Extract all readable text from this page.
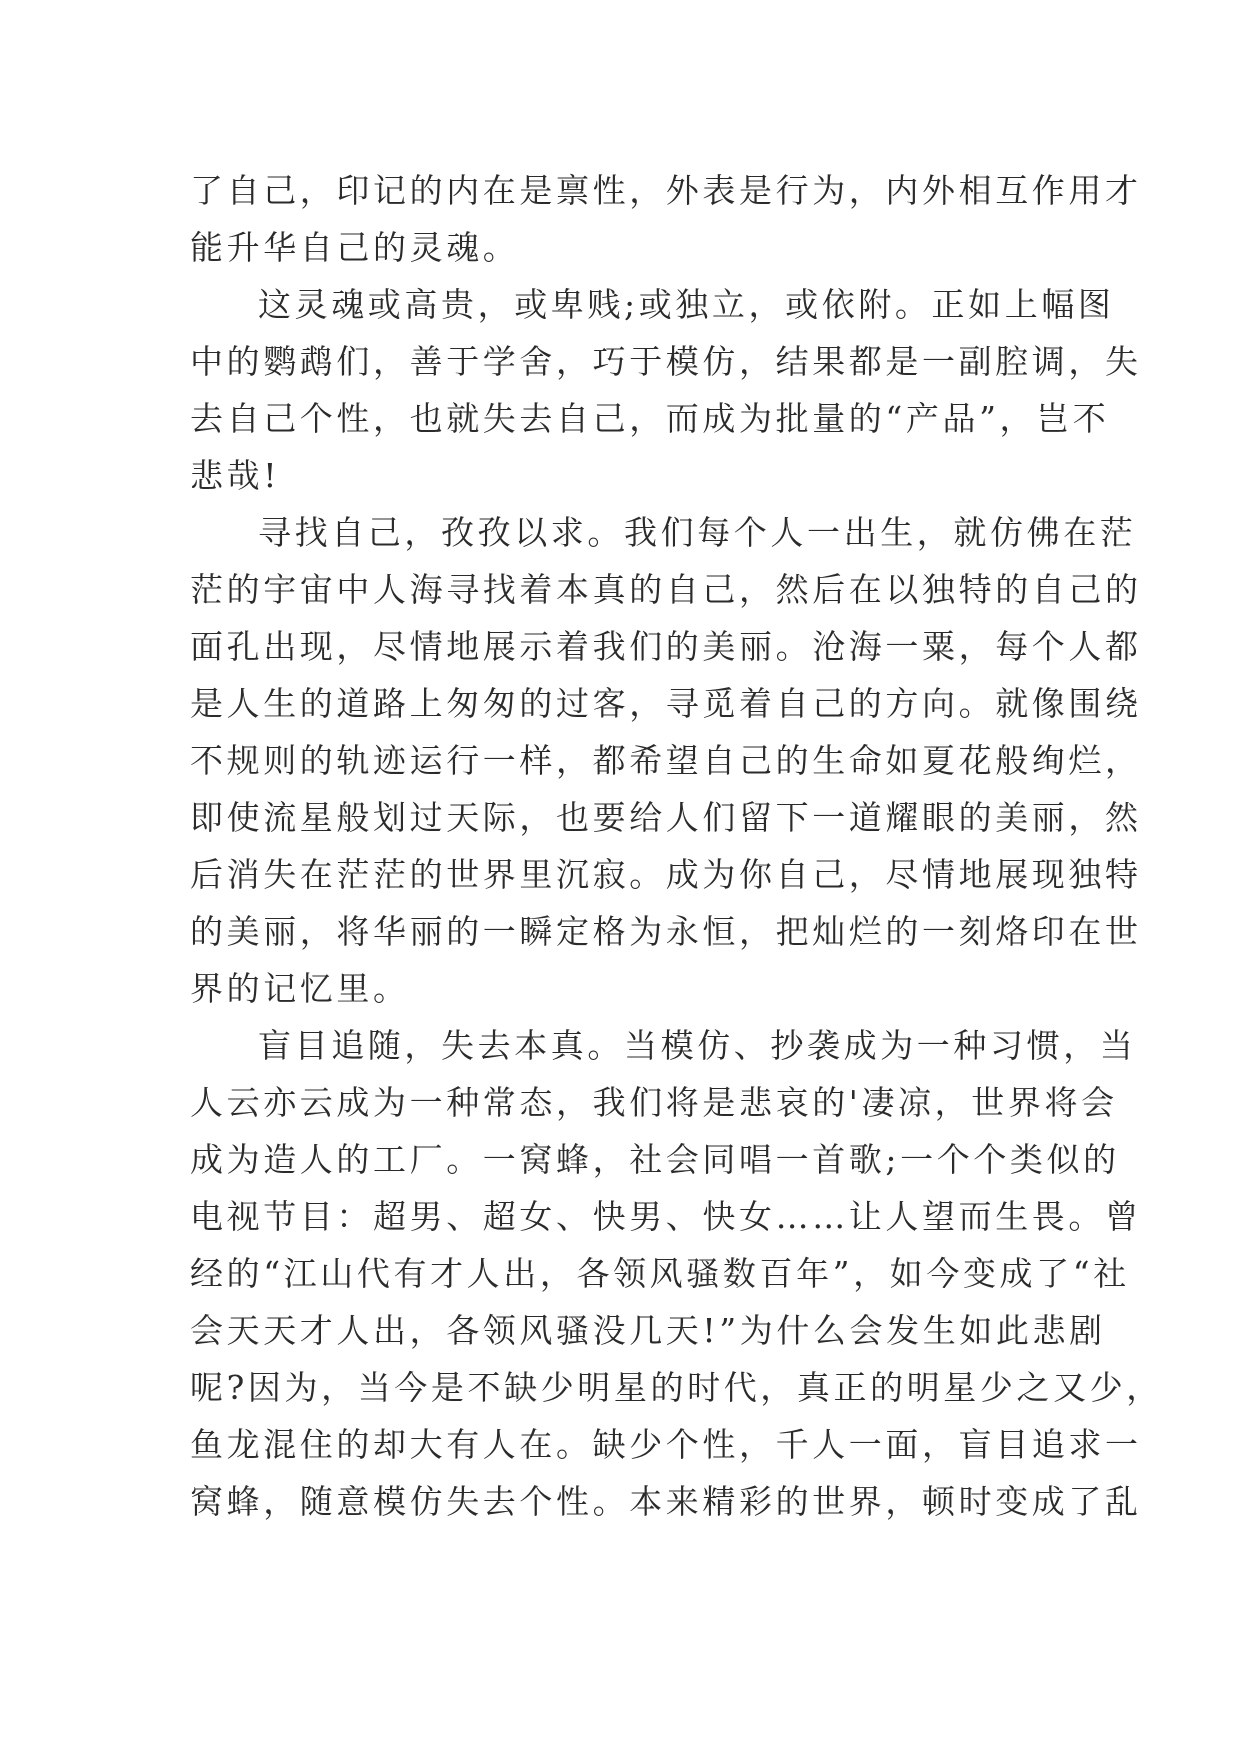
了自己，印记的内在是禀性，外表是行为，内外相互作用才
能升华自己的灵魂。
这灵魂或高贵，或卑贱;或独立，或依附。正如上幅图
中的鹦鹉们，善于学舍，巧于模仿，结果都是一副腔调，失
去自己个性，也就失去自己，而成为批量的“产品”，岂不
悲哉!
寻找自己，孜孜以求。我们每个人一出生，就仿佛在茫
茫的宇宙中人海寻找着本真的自己，然后在以独特的自己的
面孔出现，尽情地展示着我们的美丽。沧海一粟，每个人都
是人生的道路上匆匆的过客，寻觅着自己的方向。就像围绕
不规则的轨迹运行一样，都希望自己的生命如夏花般绚烂，
即使流星般划过天际，也要给人们留下一道耀眼的美丽，然
后消失在茫茫的世界里沉寂。成为你自己，尽情地展现独特
的美丽，将华丽的一瞬定格为永恒，把灿烂的一刻烙印在世
界的记忆里。
盲目追随，失去本真。当模仿、抄袭成为一种习惯，当
人云亦云成为一种常态，我们将是悲哀的'凄凉，世界将会
成为造人的工厂。一窝蜂，社会同唱一首歌;一个个类似的
电视节目：超男、超女、快男、快女……让人望而生畏。曾
经的“江山代有才人出，各领风骚数百年”，如今变成了“社
会天天才人出，各领风骚没几天!”为什么会发生如此悲剧
呢?因为，当今是不缺少明星的时代，真正的明星少之又少，
鱼龙混住的却大有人在。缺少个性，千人一面，盲目追求一
窝蜂，随意模仿失去个性。本来精彩的世界，顿时变成了乱
